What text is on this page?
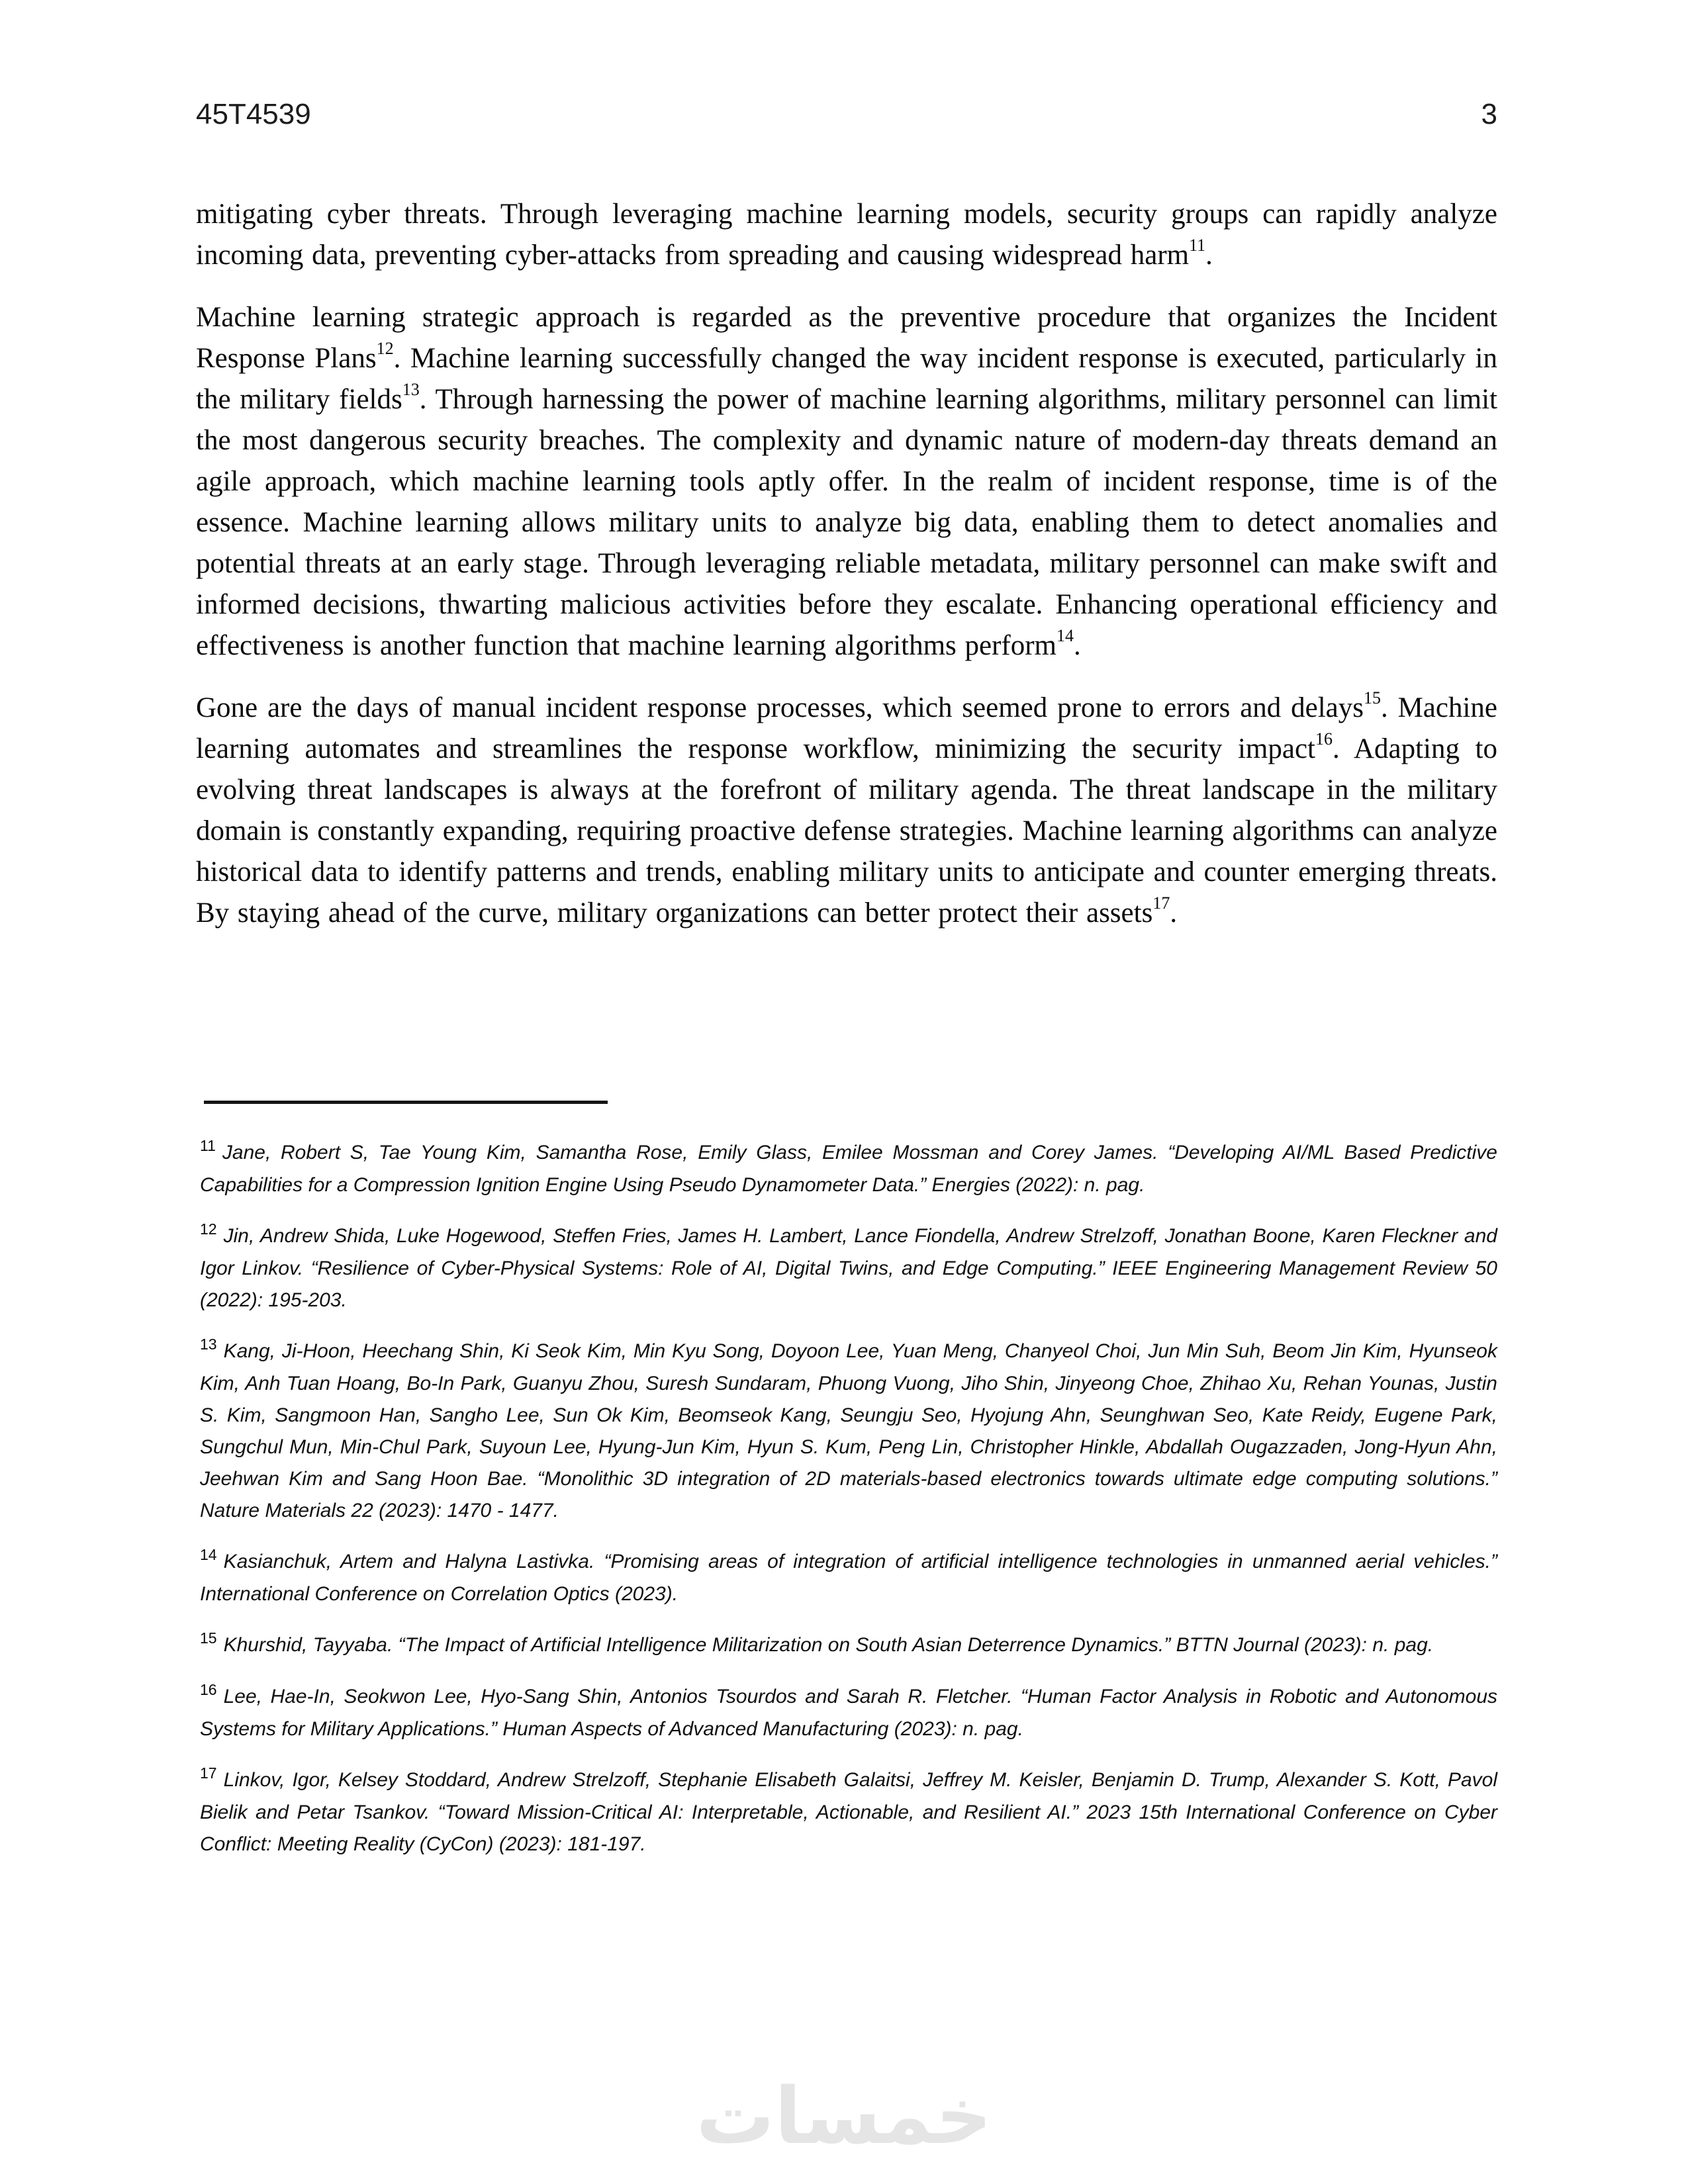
45T4539	3

mitigating cyber threats. Through leveraging machine learning models, security groups can rapidly analyze incoming data, preventing cyber-attacks from spreading and causing widespread harm$^{11}$.

Machine learning strategic approach is regarded as the preventive procedure that organizes the Incident Response Plans$^{12}$. Machine learning successfully changed the way incident response is executed, particularly in the military fields$^{13}$. Through harnessing the power of machine learning algorithms, military personnel can limit the most dangerous security breaches. The complexity and dynamic nature of modern-day threats demand an agile approach, which machine learning tools aptly offer. In the realm of incident response, time is of the essence. Machine learning allows military units to analyze big data, enabling them to detect anomalies and potential threats at an early stage. Through leveraging reliable metadata, military personnel can make swift and informed decisions, thwarting malicious activities before they escalate. Enhancing operational efficiency and effectiveness is another function that machine learning algorithms perform$^{14}$.

Gone are the days of manual incident response processes, which seemed prone to errors and delays$^{15}$. Machine learning automates and streamlines the response workflow, minimizing the security impact$^{16}$. Adapting to evolving threat landscapes is always at the forefront of military agenda. The threat landscape in the military domain is constantly expanding, requiring proactive defense strategies. Machine learning algorithms can analyze historical data to identify patterns and trends, enabling military units to anticipate and counter emerging threats. By staying ahead of the curve, military organizations can better protect their assets$^{17}$.

$^{11}$ Jane, Robert S, Tae Young Kim, Samantha Rose, Emily Glass, Emilee Mossman and Corey James. “Developing AI/ML Based Predictive Capabilities for a Compression Ignition Engine Using Pseudo Dynamometer Data.” Energies (2022): n. pag.

$^{12}$ Jin, Andrew Shida, Luke Hogewood, Steffen Fries, James H. Lambert, Lance Fiondella, Andrew Strelzoff, Jonathan Boone, Karen Fleckner and Igor Linkov. “Resilience of Cyber-Physical Systems: Role of AI, Digital Twins, and Edge Computing.” IEEE Engineering Management Review 50 (2022): 195-203.

$^{13}$ Kang, Ji-Hoon, Heechang Shin, Ki Seok Kim, Min Kyu Song, Doyoon Lee, Yuan Meng, Chanyeol Choi, Jun Min Suh, Beom Jin Kim, Hyunseok Kim, Anh Tuan Hoang, Bo-In Park, Guanyu Zhou, Suresh Sundaram, Phuong Vuong, Jiho Shin, Jinyeong Choe, Zhihao Xu, Rehan Younas, Justin S. Kim, Sangmoon Han, Sangho Lee, Sun Ok Kim, Beomseok Kang, Seungju Seo, Hyojung Ahn, Seunghwan Seo, Kate Reidy, Eugene Park, Sungchul Mun, Min-Chul Park, Suyoun Lee, Hyung-Jun Kim, Hyun S. Kum, Peng Lin, Christopher Hinkle, Abdallah Ougazzaden, Jong-Hyun Ahn, Jeehwan Kim and Sang Hoon Bae. “Monolithic 3D integration of 2D materials-based electronics towards ultimate edge computing solutions.” Nature Materials 22 (2023): 1470 - 1477.

$^{14}$ Kasianchuk, Artem and Halyna Lastivka. “Promising areas of integration of artificial intelligence technologies in unmanned aerial vehicles.” International Conference on Correlation Optics (2023).

$^{15}$ Khurshid, Tayyaba. “The Impact of Artificial Intelligence Militarization on South Asian Deterrence Dynamics.” BTTN Journal (2023): n. pag.

$^{16}$ Lee, Hae-In, Seokwon Lee, Hyo-Sang Shin, Antonios Tsourdos and Sarah R. Fletcher. “Human Factor Analysis in Robotic and Autonomous Systems for Military Applications.” Human Aspects of Advanced Manufacturing (2023): n. pag.

$^{17}$ Linkov, Igor, Kelsey Stoddard, Andrew Strelzoff, Stephanie Elisabeth Galaitsi, Jeffrey M. Keisler, Benjamin D. Trump, Alexander S. Kott, Pavol Bielik and Petar Tsankov. “Toward Mission-Critical AI: Interpretable, Actionable, and Resilient AI.” 2023 15th International Conference on Cyber Conflict: Meeting Reality (CyCon) (2023): 181-197.

خمسات
